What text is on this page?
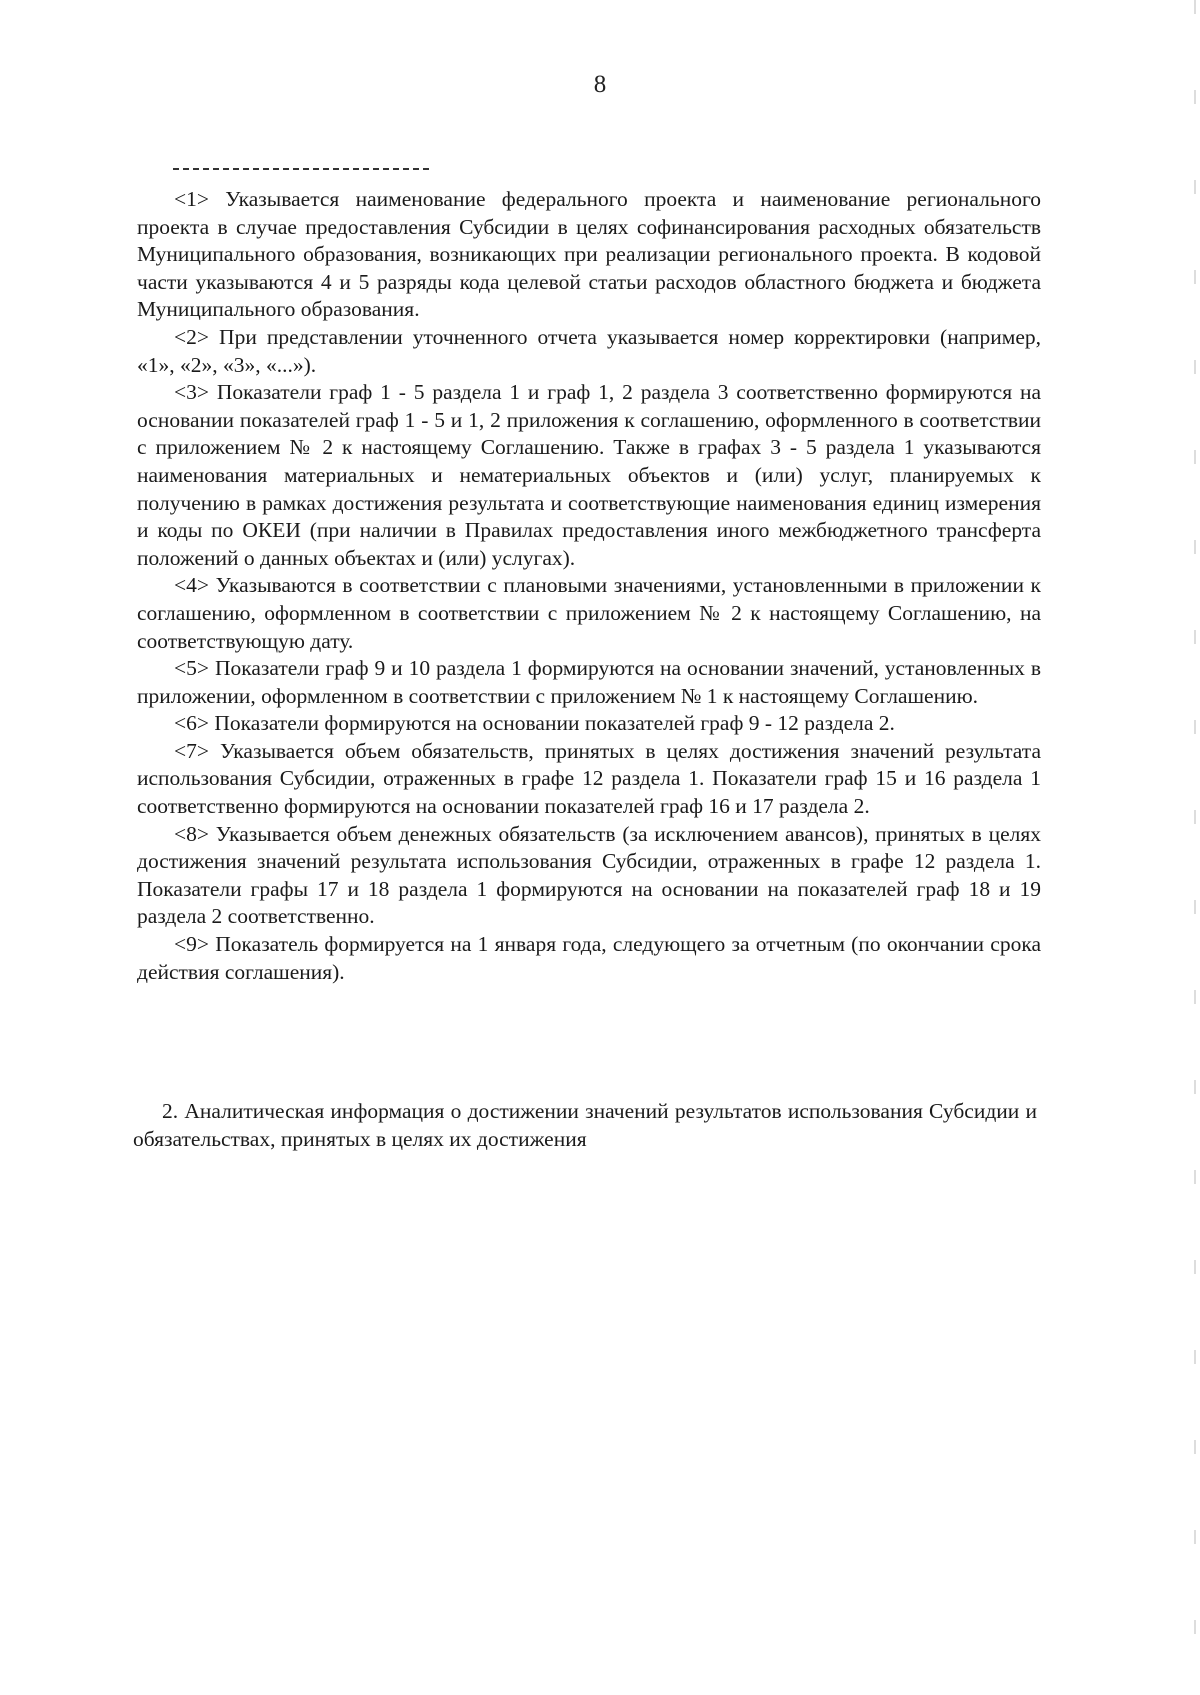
8

<1> Указывается наименование федерального проекта и наименование регионального проекта в случае предоставления Субсидии в целях софинансирования расходных обязательств Муниципального образования, возникающих при реализации регионального проекта. В кодовой части указываются 4 и 5 разряды кода целевой статьи расходов областного бюджета и бюджета Муниципального образования.

<2> При представлении уточненного отчета указывается номер корректировки (например, «1», «2», «3», «...»).

<3> Показатели граф 1 - 5 раздела 1 и граф 1, 2 раздела 3 соответственно формируются на основании показателей граф 1 - 5 и 1, 2 приложения к соглашению, оформленного в соответствии с приложением № 2 к настоящему Соглашению. Также в графах 3 - 5 раздела 1 указываются наименования материальных и нематериальных объектов и (или) услуг, планируемых к получению в рамках достижения результата и соответствующие наименования единиц измерения и коды по ОКЕИ (при наличии в Правилах предоставления иного межбюджетного трансферта положений о данных объектах и (или) услугах).

<4> Указываются в соответствии с плановыми значениями, установленными в приложении к соглашению, оформленном в соответствии с приложением № 2 к настоящему Соглашению, на соответствующую дату.

<5> Показатели граф 9 и 10 раздела 1 формируются на основании значений, установленных в приложении, оформленном в соответствии с приложением № 1 к настоящему Соглашению.

<6> Показатели формируются на основании показателей граф 9 - 12 раздела 2.

<7> Указывается объем обязательств, принятых в целях достижения значений результата использования Субсидии, отраженных в графе 12 раздела 1. Показатели граф 15 и 16 раздела 1 соответственно формируются на основании показателей граф 16 и 17 раздела 2.

<8> Указывается объем денежных обязательств (за исключением авансов), принятых в целях достижения значений результата использования Субсидии, отраженных в графе 12 раздела 1. Показатели графы 17 и 18 раздела 1 формируются на основании на показателей граф 18 и 19 раздела 2 соответственно.

<9> Показатель формируется на 1 января года, следующего за отчетным (по окончании срока действия соглашения).

2. Аналитическая информация о достижении значений результатов использования Субсидии и обязательствах, принятых в целях их достижения
